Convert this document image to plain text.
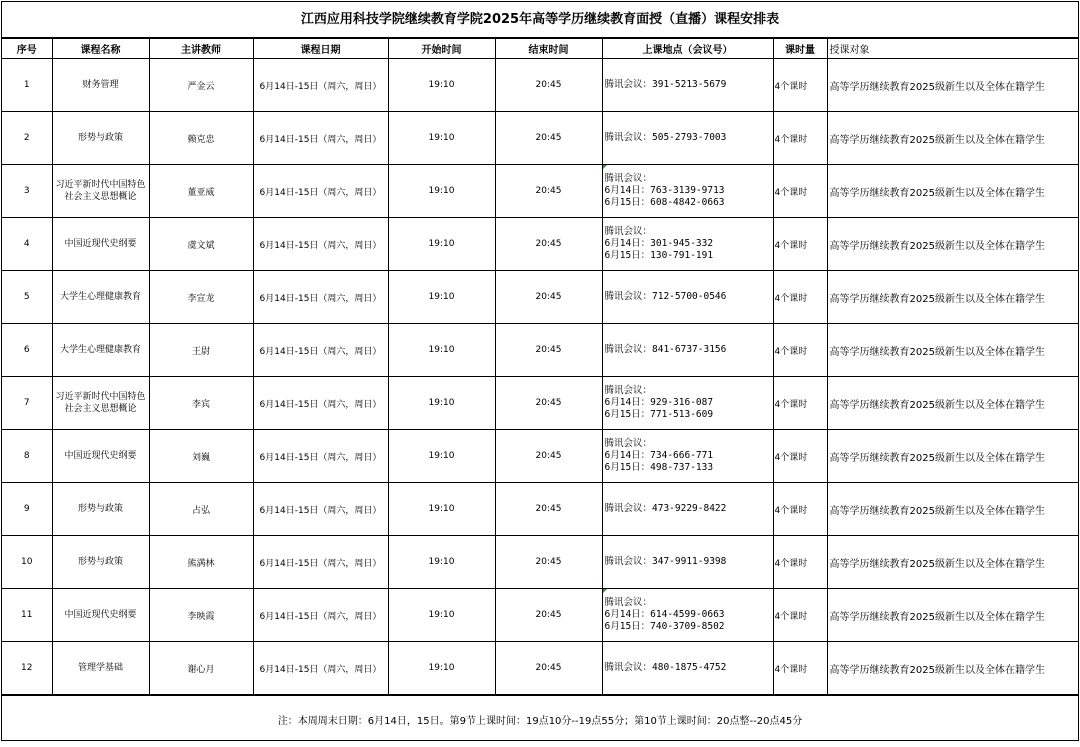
江西应用科技学院继续教育学院2025年高等学历继续教育面授（直播）课程安排表
序号	课程名称	主讲教师	课程日期	开始时间	结束时间	上课地点（会议号）	课时量	授课对象
1	财务管理	严金云	6月14日-15日（周六，周日）	19:10	20:45	腾讯会议：391-5213-5679	4个课时	高等学历继续教育2025级新生以及全体在籍学生
2	形势与政策	赖克忠	6月14日-15日（周六，周日）	19:10	20:45	腾讯会议：505-2793-7003	4个课时	高等学历继续教育2025级新生以及全体在籍学生
3	习近平新时代中国特色社会主义思想概论	董亚威	6月14日-15日（周六，周日）	19:10	20:45	腾讯会议：
6月14日：763-3139-9713
6月15日：608-4842-0663	4个课时	高等学历继续教育2025级新生以及全体在籍学生
4	中国近现代史纲要	虞文斌	6月14日-15日（周六，周日）	19:10	20:45	腾讯会议：
6月14日：301-945-332
6月15日：130-791-191	4个课时	高等学历继续教育2025级新生以及全体在籍学生
5	大学生心理健康教育	李宣龙	6月14日-15日（周六，周日）	19:10	20:45	腾讯会议：712-5700-0546	4个课时	高等学历继续教育2025级新生以及全体在籍学生
6	大学生心理健康教育	王尉	6月14日-15日（周六，周日）	19:10	20:45	腾讯会议：841-6737-3156	4个课时	高等学历继续教育2025级新生以及全体在籍学生
7	习近平新时代中国特色社会主义思想概论	李宾	6月14日-15日（周六，周日）	19:10	20:45	腾讯会议：
6月14日：929-316-087
6月15日：771-513-609	4个课时	高等学历继续教育2025级新生以及全体在籍学生
8	中国近现代史纲要	刘巍	6月14日-15日（周六，周日）	19:10	20:45	腾讯会议：
6月14日：734-666-771
6月15日：498-737-133	4个课时	高等学历继续教育2025级新生以及全体在籍学生
9	形势与政策	占弘	6月14日-15日（周六，周日）	19:10	20:45	腾讯会议：473-9229-8422	4个课时	高等学历继续教育2025级新生以及全体在籍学生
10	形势与政策	熊满林	6月14日-15日（周六，周日）	19:10	20:45	腾讯会议：347-9911-9398	4个课时	高等学历继续教育2025级新生以及全体在籍学生
11	中国近现代史纲要	李映霞	6月14日-15日（周六，周日）	19:10	20:45	腾讯会议：
6月14日：614-4599-0663
6月15日：740-3709-8502	4个课时	高等学历继续教育2025级新生以及全体在籍学生
12	管理学基础	谢心月	6月14日-15日（周六，周日）	19:10	20:45	腾讯会议：480-1875-4752	4个课时	高等学历继续教育2025级新生以及全体在籍学生
注：本周周末日期：6月14日，15日。第9节上课时间：19点10分--19点55分；第10节上课时间：20点整--20点45分
